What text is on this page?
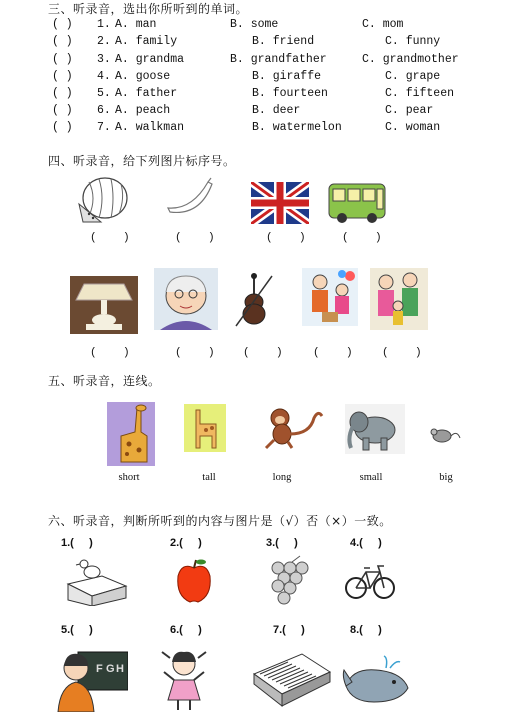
三、听录音，选出你所听到的单词。
( ) 1. A. man	B. some	C. mom
( ) 2. A. family	B. friend	C. funny
( ) 3. A. grandma	B. grandfather	C. grandmother
( ) 4. A. goose	B. giraffe	C. grape
( ) 5. A. father	B. fourteen	C. fifteen
( ) 6. A. peach	B. deer	C. pear
( ) 7. A. walkman	B. watermelon	C. woman
四、听录音，给下列图片标序号。
(    )	(    )	(    )	(    )
(    )	(    )	(    )	(    )	(    )
五、听录音，连线。
short	tall	long	small	big
六、听录音，判断所听到的内容与图片是（√）否（×）一致。
1.(     )	2.(     )	3.(     )	4.(     )
5.(     )	6.(     )	7.(     )	8.(     )
F G H
